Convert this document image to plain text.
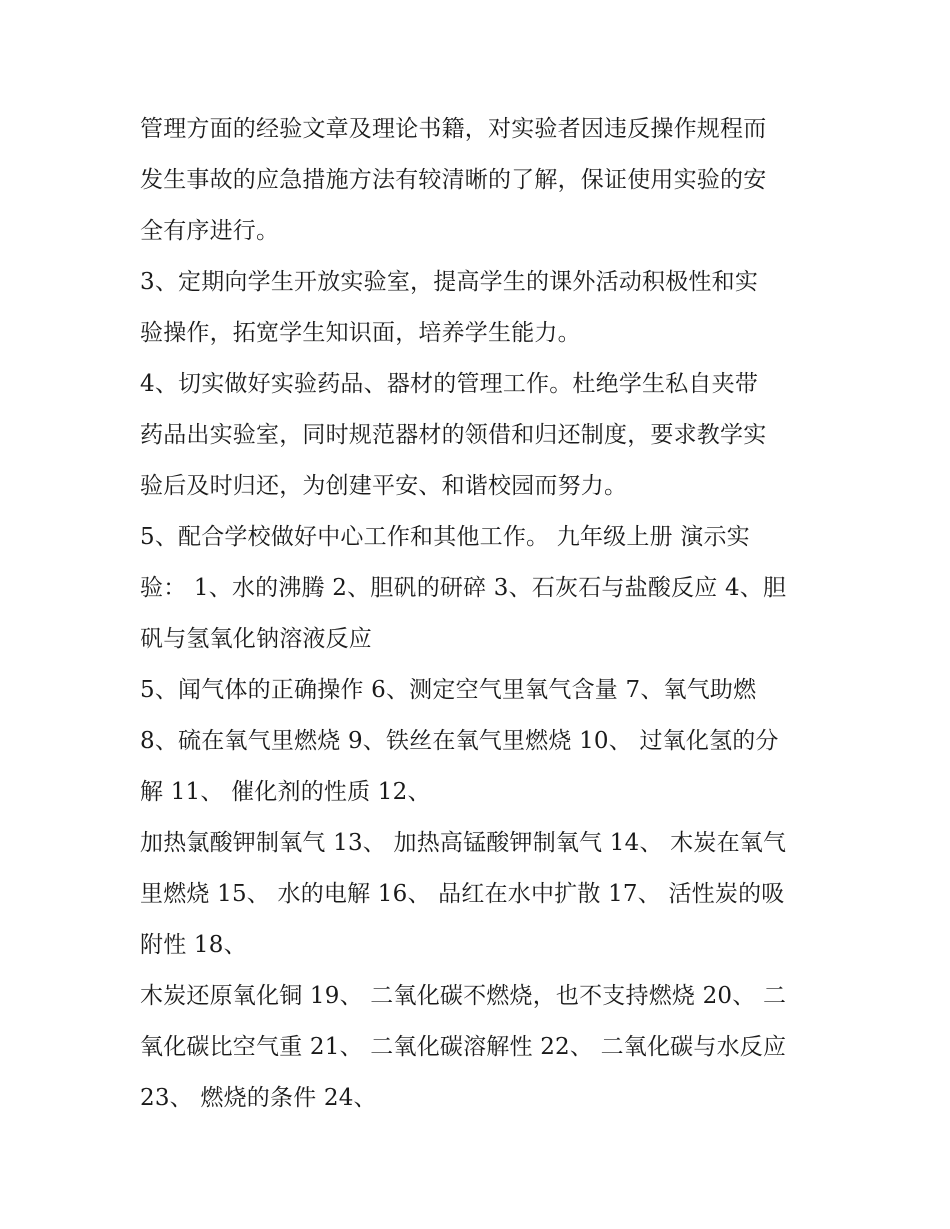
管理方面的经验文章及理论书籍，对实验者因违反操作规程而
发生事故的应急措施方法有较清晰的了解，保证使用实验的安
全有序进行。
3、定期向学生开放实验室，提高学生的课外活动积极性和实
验操作，拓宽学生知识面，培养学生能力。
4、切实做好实验药品、器材的管理工作。杜绝学生私自夹带
药品出实验室，同时规范器材的领借和归还制度，要求教学实
验后及时归还，为创建平安、和谐校园而努力。
5、配合学校做好中心工作和其他工作。 九年级上册 演示实
验： 1、水的沸腾 2、胆矾的研碎 3、石灰石与盐酸反应 4、胆
矾与氢氧化钠溶液反应
5、闻气体的正确操作 6、测定空气里氧气含量 7、氧气助燃
8、硫在氧气里燃烧 9、铁丝在氧气里燃烧 10、 过氧化氢的分
解 11、 催化剂的性质 12、
加热氯酸钾制氧气 13、 加热高锰酸钾制氧气 14、 木炭在氧气
里燃烧 15、 水的电解 16、 品红在水中扩散 17、 活性炭的吸
附性 18、
木炭还原氧化铜 19、 二氧化碳不燃烧，也不支持燃烧 20、 二
氧化碳比空气重 21、 二氧化碳溶解性 22、 二氧化碳与水反应
23、 燃烧的条件 24、
